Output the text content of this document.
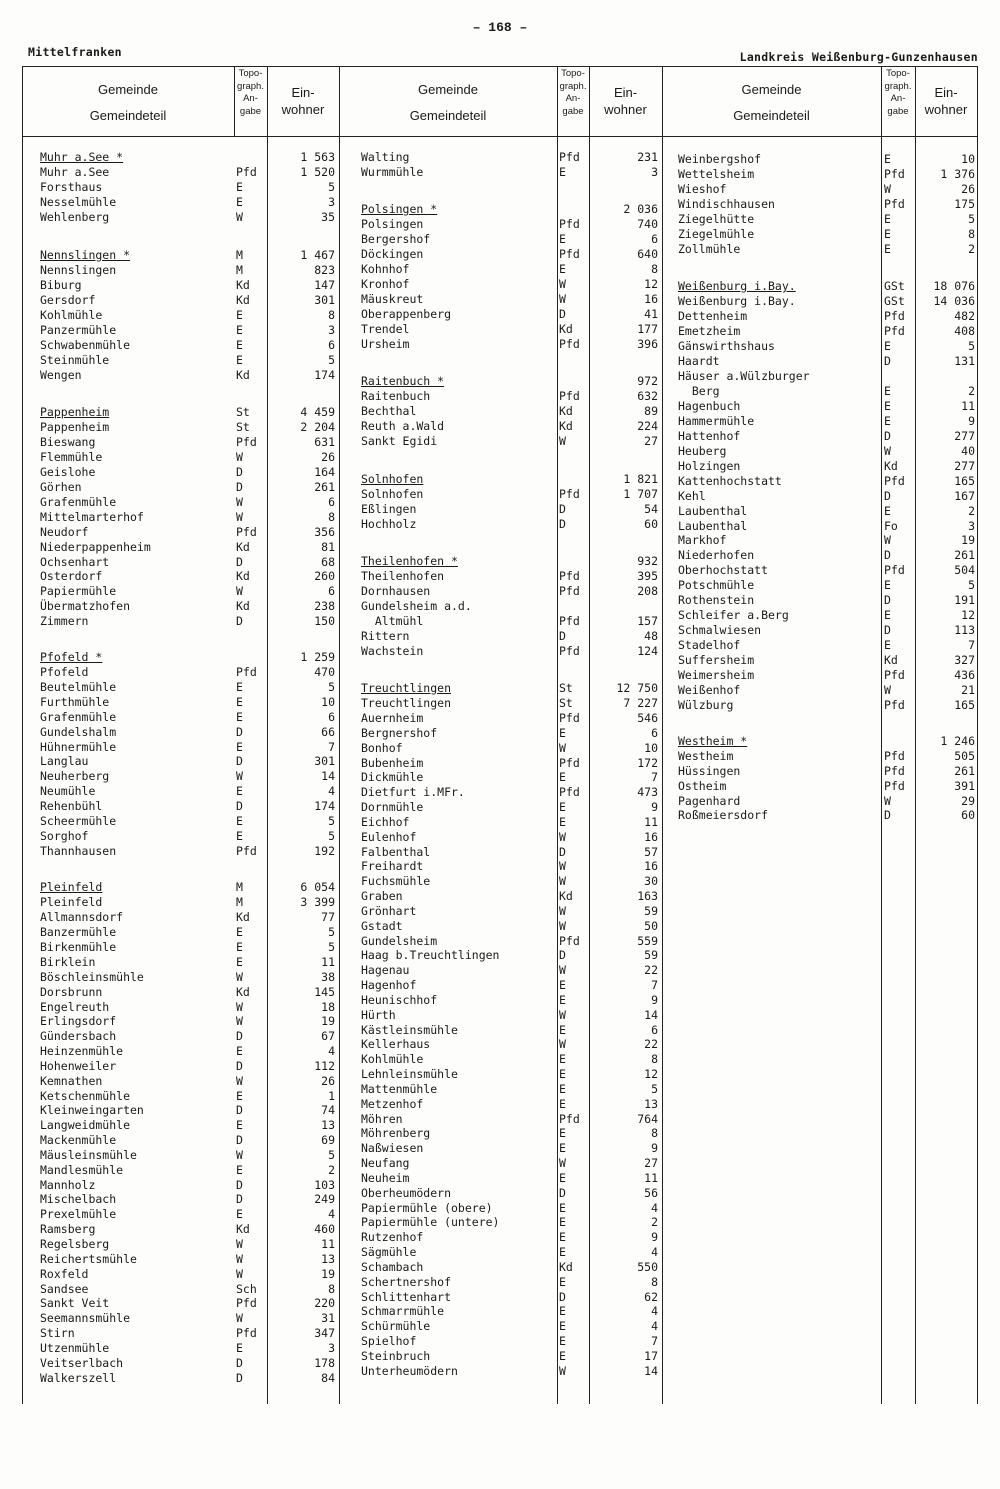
– 168 –
Mittelfranken	Landkreis Weißenburg-Gunzenhausen
Gemeinde
Gemeindeteil
Topo-
graph.
An-
gabe
Ein-
wohner
Gemeinde
Gemeindeteil
Topo-
graph.
An-
gabe
Ein-
wohner
Gemeinde
Gemeindeteil
Topo-
graph.
An-
gabe
Ein-
wohner
Muhr a.See *	1 563
Muhr a.See	Pfd	1 520
Forsthaus	E	5
Nesselmühle	E	3
Wehlenberg	W	35
Nennslingen *	M	1 467
Nennslingen	M	823
Biburg	Kd	147
Gersdorf	Kd	301
Kohlmühle	E	8
Panzermühle	E	3
Schwabenmühle	E	6
Steinmühle	E	5
Wengen	Kd	174
Pappenheim	St	4 459
Pappenheim	St	2 204
Bieswang	Pfd	631
Flemmühle	W	26
Geislohe	D	164
Görhen	D	261
Grafenmühle	W	6
Mittelmarterhof	W	8
Neudorf	Pfd	356
Niederpappenheim	Kd	81
Ochsenhart	D	68
Osterdorf	Kd	260
Papiermühle	W	6
Übermatzhofen	Kd	238
Zimmern	D	150
Pfofeld *	1 259
Pfofeld	Pfd	470
Beutelmühle	E	5
Furthmühle	E	10
Grafenmühle	E	6
Gundelshalm	D	66
Hühnermühle	E	7
Langlau	D	301
Neuherberg	W	14
Neumühle	E	4
Rehenbühl	D	174
Scheermühle	E	5
Sorghof	E	5
Thannhausen	Pfd	192
Pleinfeld	M	6 054
Pleinfeld	M	3 399
Allmannsdorf	Kd	77
Banzermühle	E	5
Birkenmühle	E	5
Birklein	E	11
Böschleinsmühle	W	38
Dorsbrunn	Kd	145
Engelreuth	W	18
Erlingsdorf	W	19
Gündersbach	D	67
Heinzenmühle	E	4
Hohenweiler	D	112
Kemnathen	W	26
Ketschenmühle	E	1
Kleinweingarten	D	74
Langweidmühle	E	13
Mackenmühle	D	69
Mäusleinsmühle	W	5
Mandlesmühle	E	2
Mannholz	D	103
Mischelbach	D	249
Prexelmühle	E	4
Ramsberg	Kd	460
Regelsberg	W	11
Reichertsmühle	W	13
Roxfeld	W	19
Sandsee	Sch	8
Sankt Veit	Pfd	220
Seemannsmühle	W	31
Stirn	Pfd	347
Utzenmühle	E	3
Veitserlbach	D	178
Walkerszell	D	84
Walting	Pfd	231
Wurmmühle	E	3
Polsingen *	2 036
Polsingen	Pfd	740
Bergershof	E	6
Döckingen	Pfd	640
Kohnhof	E	8
Kronhof	W	12
Mäuskreut	W	16
Oberappenberg	D	41
Trendel	Kd	177
Ursheim	Pfd	396
Raitenbuch *	972
Raitenbuch	Pfd	632
Bechthal	Kd	89
Reuth a.Wald	Kd	224
Sankt Egidi	W	27
Solnhofen	1 821
Solnhofen	Pfd	1 707
Eßlingen	D	54
Hochholz	D	60
Theilenhofen *	932
Theilenhofen	Pfd	395
Dornhausen	Pfd	208
Gundelsheim a.d.
Altmühl	Pfd	157
Rittern	D	48
Wachstein	Pfd	124
Treuchtlingen	St	12 750
Treuchtlingen	St	7 227
Auernheim	Pfd	546
Bergnershof	E	6
Bonhof	W	10
Bubenheim	Pfd	172
Dickmühle	E	7
Dietfurt i.MFr.	Pfd	473
Dornmühle	E	9
Eichhof	E	11
Eulenhof	W	16
Falbenthal	D	57
Freihardt	W	16
Fuchsmühle	W	30
Graben	Kd	163
Grönhart	W	59
Gstadt	W	50
Gundelsheim	Pfd	559
Haag b.Treuchtlingen	D	59
Hagenau	W	22
Hagenhof	E	7
Heunischhof	E	9
Hürth	W	14
Kästleinsmühle	E	6
Kellerhaus	W	22
Kohlmühle	E	8
Lehnleinsmühle	E	12
Mattenmühle	E	5
Metzenhof	E	13
Möhren	Pfd	764
Möhrenberg	E	8
Naßwiesen	E	9
Neufang	W	27
Neuheim	E	11
Oberheumödern	D	56
Papiermühle (obere)	E	4
Papiermühle (untere)	E	2
Rutzenhof	E	9
Sägmühle	E	4
Schambach	Kd	550
Schertnershof	E	8
Schlittenhart	D	62
Schmarrmühle	E	4
Schürmühle	E	4
Spielhof	E	7
Steinbruch	E	17
Unterheumödern	W	14
Weinbergshof	E	10
Wettelsheim	Pfd	1 376
Wieshof	W	26
Windischhausen	Pfd	175
Ziegelhütte	E	5
Ziegelmühle	E	8
Zollmühle	E	2
Weißenburg i.Bay.	GSt	18 076
Weißenburg i.Bay.	GSt	14 036
Dettenheim	Pfd	482
Emetzheim	Pfd	408
Gänswirthshaus	E	5
Haardt	D	131
Häuser a.Wülzburger
Berg	E	2
Hagenbuch	E	11
Hammermühle	E	9
Hattenhof	D	277
Heuberg	W	40
Holzingen	Kd	277
Kattenhochstatt	Pfd	165
Kehl	D	167
Laubenthal	E	2
Laubenthal	Fo	3
Markhof	W	19
Niederhofen	D	261
Oberhochstatt	Pfd	504
Potschmühle	E	5
Rothenstein	D	191
Schleifer a.Berg	E	12
Schmalwiesen	D	113
Stadelhof	E	7
Suffersheim	Kd	327
Weimersheim	Pfd	436
Weißenhof	W	21
Wülzburg	Pfd	165
Westheim *	1 246
Westheim	Pfd	505
Hüssingen	Pfd	261
Ostheim	Pfd	391
Pagenhard	W	29
Roßmeiersdorf	D	60
